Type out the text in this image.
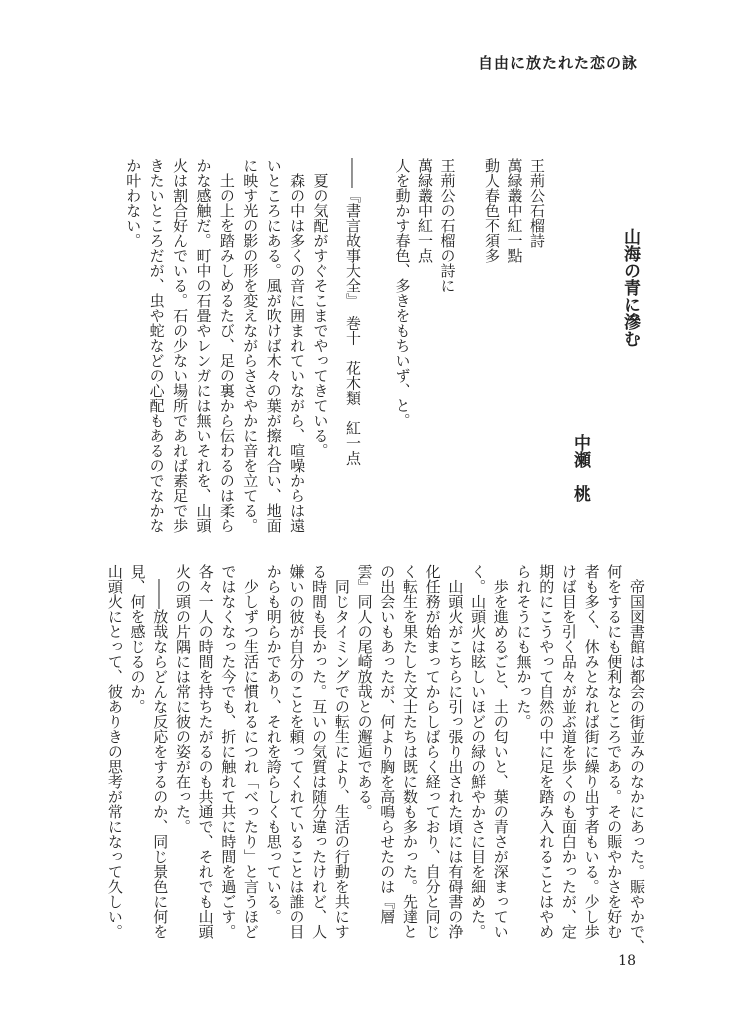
自由に放たれた恋の詠
山海の青に滲む
中瀬　桃
王荊公石榴詩
萬緑叢中紅一點
動人春色不須多
王荊公の石榴の詩に
萬緑叢中紅一点
人を動かす春色、多きをもちいず、と。
――『書言故事大全』　巻十　花木類　紅一点
　夏の気配がすぐそこまでやってきている。
　森の中は多くの音に囲まれていながら、喧噪からは遠
いところにある。風が吹けば木々の葉が擦れ合い、地面
に映す光の影の形を変えながらささやかに音を立てる。
　土の上を踏みしめるたび、足の裏から伝わるのは柔ら
かな感触だ。町中の石畳やレンガには無いそれを、山頭
火は割合好んでいる。石の少ない場所であれば素足で歩
きたいところだが、虫や蛇などの心配もあるのでなかな
か叶わない。
　帝国図書館は都会の街並みのなかにあった。賑やかで、
何をするにも便利なところである。その賑やかさを好む
者も多く、休みとなれば街に繰り出す者もいる。少し歩
けば目を引く品々が並ぶ道を歩くのも面白かったが、定
期的にこうやって自然の中に足を踏み入れることはやめ
られそうにも無かった。
　歩を進めるごと、土の匂いと、葉の青さが深まってい
く。山頭火は眩しいほどの緑の鮮やかさに目を細めた。
　山頭火がこちらに引っ張り出された頃には有碍書の浄
化任務が始まってからしばらく経っており、自分と同じ
く転生を果たした文士たちは既に数も多かった。先達と
の出会いもあったが、何より胸を高鳴らせたのは『層
雲』同人の尾崎放哉との邂逅である。
　同じタイミングでの転生により、生活の行動を共にす
る時間も長かった。互いの気質は随分違ったけれど、人
嫌いの彼が自分のことを頼ってくれていることは誰の目
からも明らかであり、それを誇らしくも思っている。
　少しずつ生活に慣れるにつれ「べったり」と言うほど
ではなくなった今でも、折に触れて共に時間を過ごす。
各々一人の時間を持ちたがるのも共通で、それでも山頭
火の頭の片隅には常に彼の姿が在った。
　――放哉ならどんな反応をするのか、同じ景色に何を
見、何を感じるのか。
山頭火にとって、彼ありきの思考が常になって久しい。
18
